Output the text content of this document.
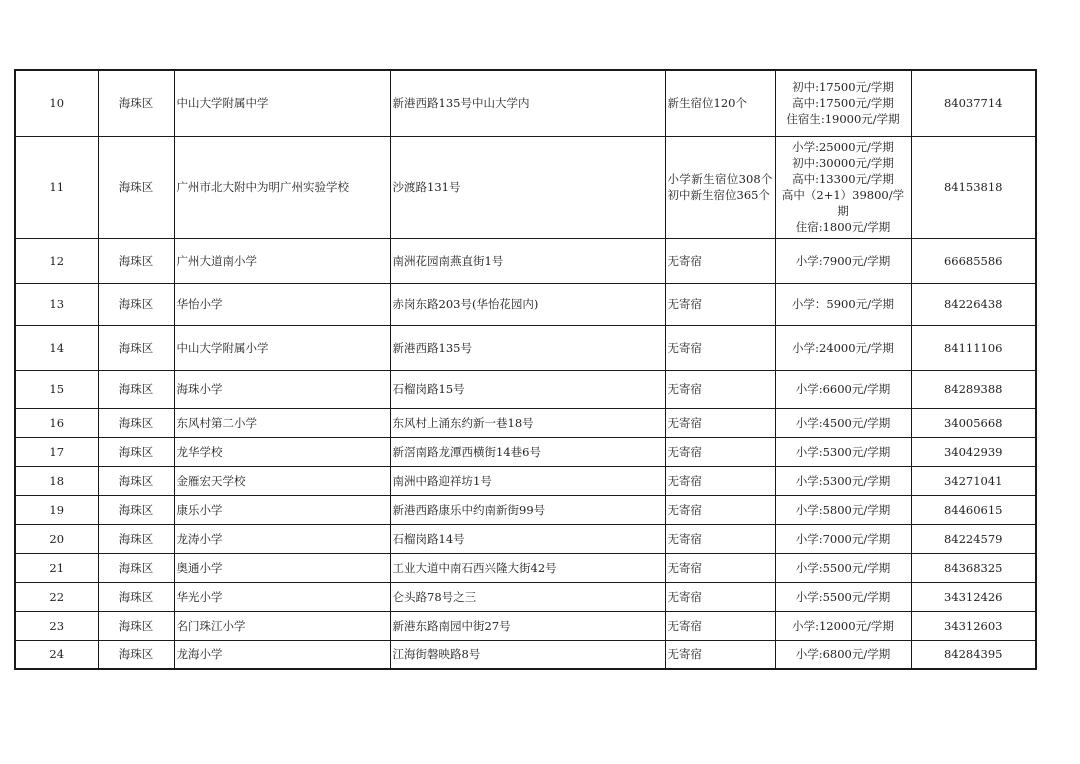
10	海珠区	中山大学附属中学	新港西路135号中山大学内	新生宿位120个	初中:17500元/学期
高中:17500元/学期
住宿生:19000元/学期	84037714
11	海珠区	广州市北大附中为明广州实验学校	沙渡路131号	小学新生宿位308个　　初中新生宿位365个	小学:25000元/学期
初中:30000元/学期
高中:13300元/学期
高中（2+1）39800/学期
住宿:1800元/学期	84153818
12	海珠区	广州大道南小学	南洲花园南燕直街1号	无寄宿	小学:7900元/学期	66685586
13	海珠区	华怡小学	赤岗东路203号(华怡花园内)	无寄宿	小学：5900元/学期	84226438
14	海珠区	中山大学附属小学	新港西路135号	无寄宿	小学:24000元/学期	84111106
15	海珠区	海珠小学	石榴岗路15号	无寄宿	小学:6600元/学期	84289388
16	海珠区	东风村第二小学	东风村上涌东约新一巷18号	无寄宿	小学:4500元/学期	34005668
17	海珠区	龙华学校	新滘南路龙潭西横街14巷6号	无寄宿	小学:5300元/学期	34042939
18	海珠区	金雁宏天学校	南洲中路迎祥坊1号	无寄宿	小学:5300元/学期	34271041
19	海珠区	康乐小学	新港西路康乐中约南新街99号	无寄宿	小学:5800元/学期	84460615
20	海珠区	龙涛小学	石榴岗路14号	无寄宿	小学:7000元/学期	84224579
21	海珠区	奥通小学	工业大道中南石西兴隆大街42号	无寄宿	小学:5500元/学期	84368325
22	海珠区	华光小学	仑头路78号之三	无寄宿	小学:5500元/学期	34312426
23	海珠区	名门珠江小学	新港东路南园中街27号	无寄宿	小学:12000元/学期	34312603
24	海珠区	龙海小学	江海街磐映路8号	无寄宿	小学:6800元/学期	84284395
